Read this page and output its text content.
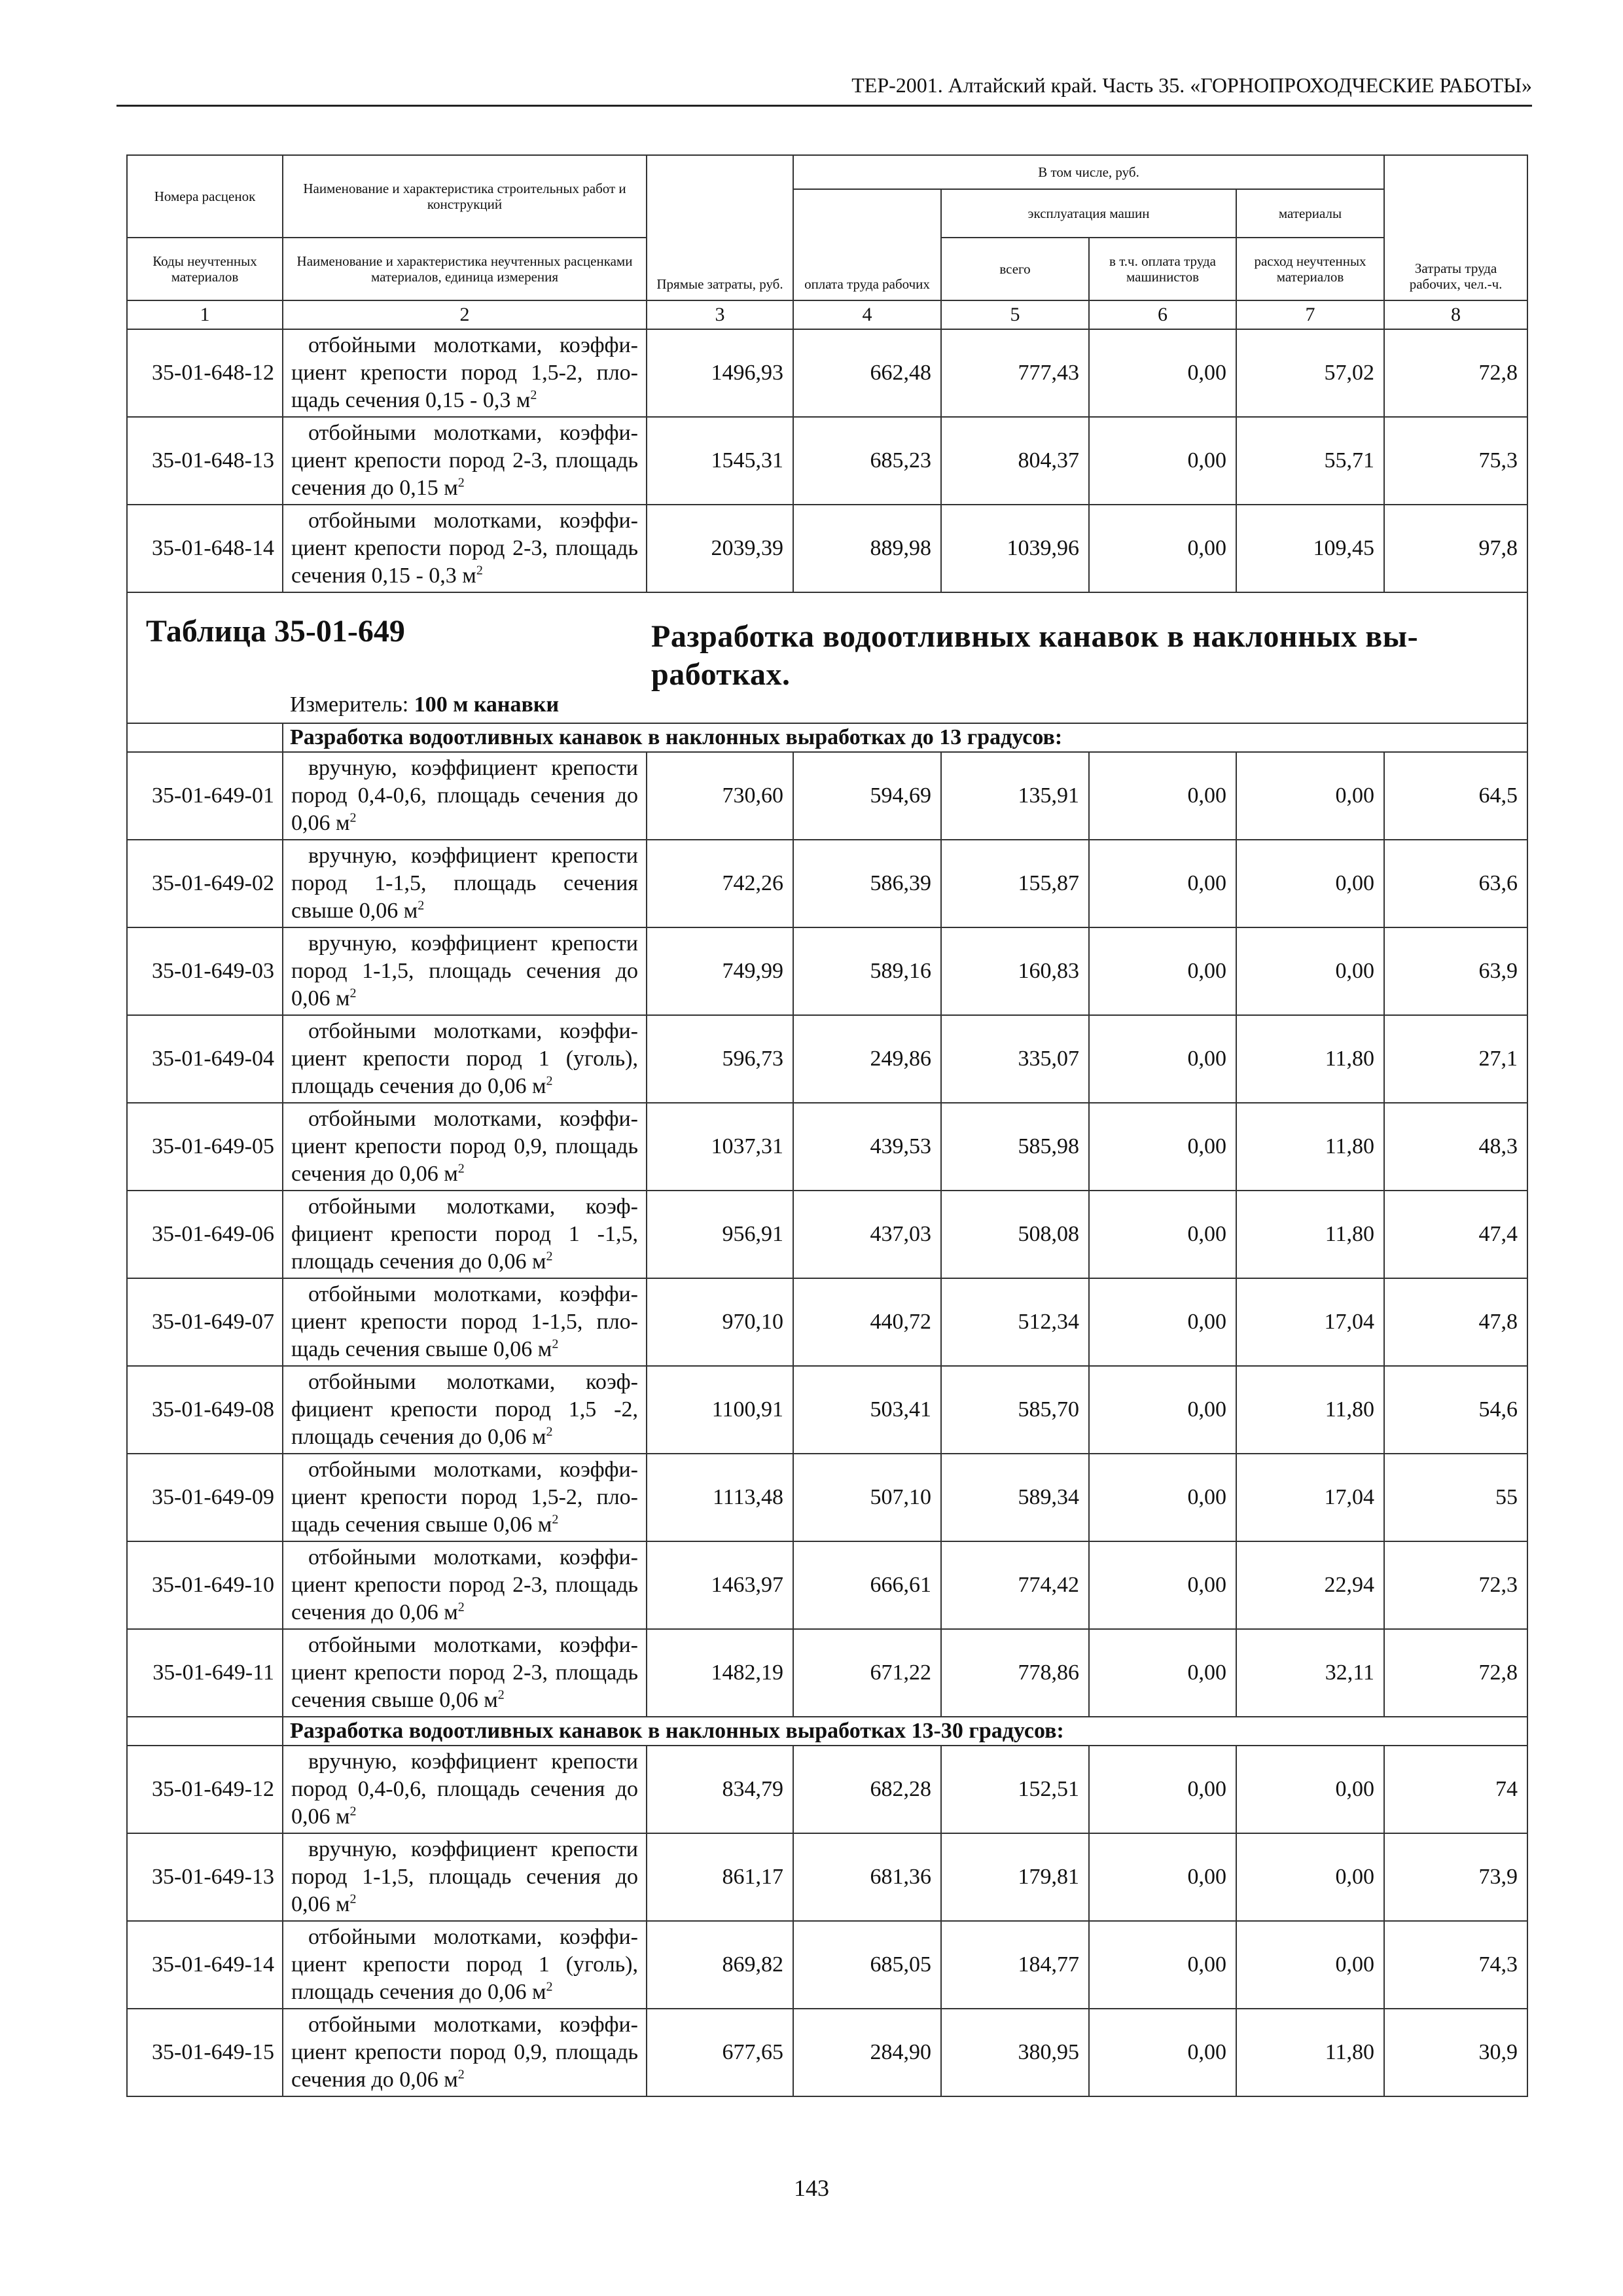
ТЕР-2001. Алтайский край. Часть 35. «ГОРНОПРОХОДЧЕСКИЕ РАБОТЫ»
Номера расценок	Наименование и характеристика строительных работ и конструкций	Прямые затраты, руб.	В том числе, руб.				Затраты труда рабочих, чел.-ч.
			оплата труда рабочих	эксплуатация машин		материалы	
Коды неучтенных материалов	Наименование и характеристика неучтенных расценками материалов, единица измерения			всего	в т.ч. оплата труда машинистов	расход неучтенных материалов	
1	2	3	4	5	6	7	8
35-01-648-12	отбойными молотками, коэффициент крепости пород 1,5-2, площадь сечения 0,15 - 0,3 $м^2$	1496,93	662,48	777,43	0,00	57,02	72,8
35-01-648-13	отбойными молотками, коэффициент крепости пород 2-3, площадь сечения до 0,15 $м^2$	1545,31	685,23	804,37	0,00	55,71	75,3
35-01-648-14	отбойными молотками, коэффициент крепости пород 2-3, площадь сечения 0,15 - 0,3 $м^2$	2039,39	889,98	1039,96	0,00	109,45	97,8

Таблица 35-01-649 Разработка водоотливных канавок в наклонных выработках.
Измеритель: 100 м канавки							

	Разработка водоотливных канавок в наклонных выработках до 13 градусов:						
35-01-649-01	вручную, коэффициент крепости пород 0,4-0,6, площадь сечения до 0,06 $м^2$	730,60	594,69	135,91	0,00	0,00	64,5
35-01-649-02	вручную, коэффициент крепости пород 1-1,5, площадь сечения свыше 0,06 $м^2$	742,26	586,39	155,87	0,00	0,00	63,6
35-01-649-03	вручную, коэффициент крепости пород 1-1,5, площадь сечения до 0,06 $м^2$	749,99	589,16	160,83	0,00	0,00	63,9
35-01-649-04	отбойными молотками, коэффициент крепости пород 1 (уголь), площадь сечения до 0,06 $м^2$	596,73	249,86	335,07	0,00	11,80	27,1
35-01-649-05	отбойными молотками, коэффициент крепости пород 0,9, площадь сечения до 0,06 $м^2$	1037,31	439,53	585,98	0,00	11,80	48,3
35-01-649-06	отбойными молотками, коэффициент крепости пород 1 -1,5, площадь сечения до 0,06 $м^2$	956,91	437,03	508,08	0,00	11,80	47,4
35-01-649-07	отбойными молотками, коэффициент крепости пород 1-1,5, площадь сечения свыше 0,06 $м^2$	970,10	440,72	512,34	0,00	17,04	47,8
35-01-649-08	отбойными молотками, коэффициент крепости пород 1,5 -2, площадь сечения до 0,06 $м^2$	1100,91	503,41	585,70	0,00	11,80	54,6
35-01-649-09	отбойными молотками, коэффициент крепости пород 1,5-2, площадь сечения свыше 0,06 $м^2$	1113,48	507,10	589,34	0,00	17,04	55
35-01-649-10	отбойными молотками, коэффициент крепости пород 2-3, площадь сечения до 0,06 $м^2$	1463,97	666,61	774,42	0,00	22,94	72,3
35-01-649-11	отбойными молотками, коэффициент крепости пород 2-3, площадь сечения свыше 0,06 $м^2$	1482,19	671,22	778,86	0,00	32,11	72,8
	Разработка водоотливных канавок в наклонных выработках 13-30 градусов:						
35-01-649-12	вручную, коэффициент крепости пород 0,4-0,6, площадь сечения до 0,06 $м^2$	834,79	682,28	152,51	0,00	0,00	74
35-01-649-13	вручную, коэффициент крепости пород 1-1,5, площадь сечения до 0,06 $м^2$	861,17	681,36	179,81	0,00	0,00	73,9
35-01-649-14	отбойными молотками, коэффициент крепости пород 1 (уголь), площадь сечения до 0,06 $м^2$	869,82	685,05	184,77	0,00	0,00	74,3
35-01-649-15	отбойными молотками, коэффициент крепости пород 0,9, площадь сечения до 0,06 $м^2$	677,65	284,90	380,95	0,00	11,80	30,9
143
